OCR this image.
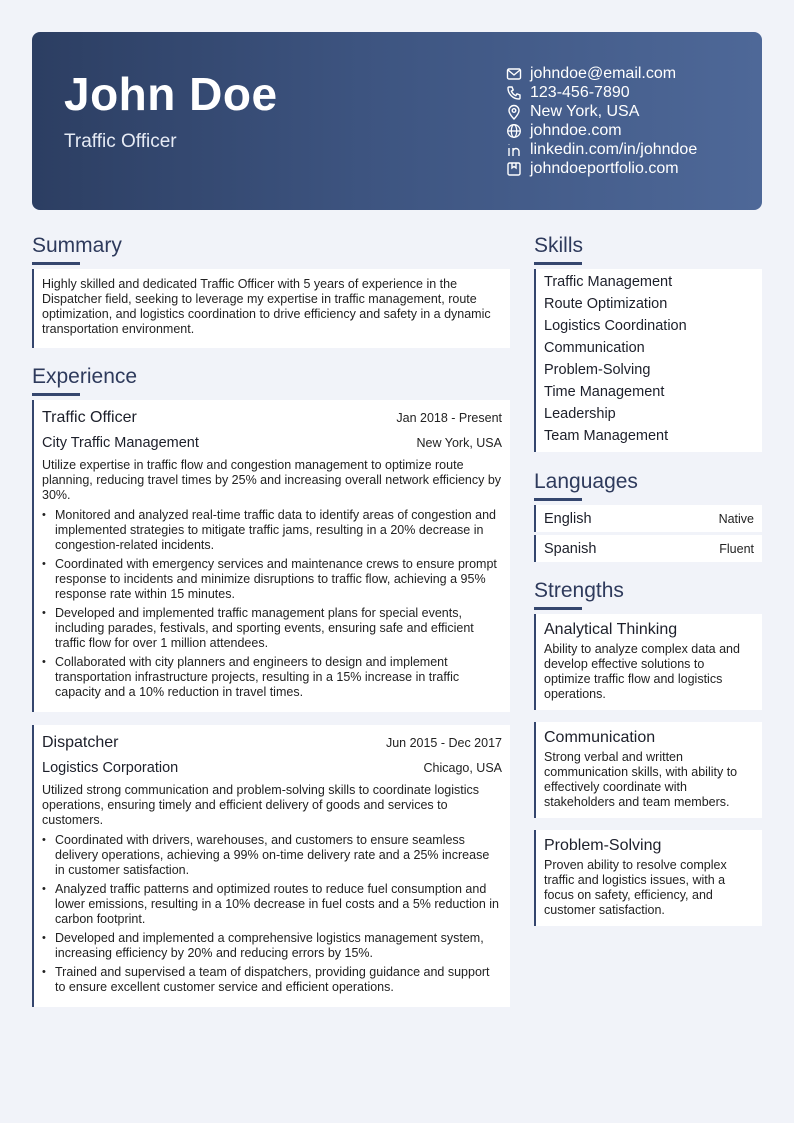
John Doe
Traffic Officer
johndoe@email.com
123-456-7890
New York, USA
johndoe.com
linkedin.com/in/johndoe
johndoeportfolio.com
Summary
Highly skilled and dedicated Traffic Officer with 5 years of experience in the Dispatcher field, seeking to leverage my expertise in traffic management, route optimization, and logistics coordination to drive efficiency and safety in a dynamic transportation environment.
Experience
Traffic Officer	Jan 2018 - Present
City Traffic Management	New York, USA
Utilize expertise in traffic flow and congestion management to optimize route planning, reducing travel times by 25% and increasing overall network efficiency by 30%.
• Monitored and analyzed real-time traffic data to identify areas of congestion and implemented strategies to mitigate traffic jams, resulting in a 20% decrease in congestion-related incidents.
• Coordinated with emergency services and maintenance crews to ensure prompt response to incidents and minimize disruptions to traffic flow, achieving a 95% response rate within 15 minutes.
• Developed and implemented traffic management plans for special events, including parades, festivals, and sporting events, ensuring safe and efficient traffic flow for over 1 million attendees.
• Collaborated with city planners and engineers to design and implement transportation infrastructure projects, resulting in a 15% increase in traffic capacity and a 10% reduction in travel times.
Dispatcher	Jun 2015 - Dec 2017
Logistics Corporation	Chicago, USA
Utilized strong communication and problem-solving skills to coordinate logistics operations, ensuring timely and efficient delivery of goods and services to customers.
• Coordinated with drivers, warehouses, and customers to ensure seamless delivery operations, achieving a 99% on-time delivery rate and a 25% increase in customer satisfaction.
• Analyzed traffic patterns and optimized routes to reduce fuel consumption and lower emissions, resulting in a 10% decrease in fuel costs and a 5% reduction in carbon footprint.
• Developed and implemented a comprehensive logistics management system, increasing efficiency by 20% and reducing errors by 15%.
• Trained and supervised a team of dispatchers, providing guidance and support to ensure excellent customer service and efficient operations.
Skills
Traffic Management
Route Optimization
Logistics Coordination
Communication
Problem-Solving
Time Management
Leadership
Team Management
Languages
English	Native
Spanish	Fluent
Strengths
Analytical Thinking
Ability to analyze complex data and develop effective solutions to optimize traffic flow and logistics operations.
Communication
Strong verbal and written communication skills, with ability to effectively coordinate with stakeholders and team members.
Problem-Solving
Proven ability to resolve complex traffic and logistics issues, with a focus on safety, efficiency, and customer satisfaction.
